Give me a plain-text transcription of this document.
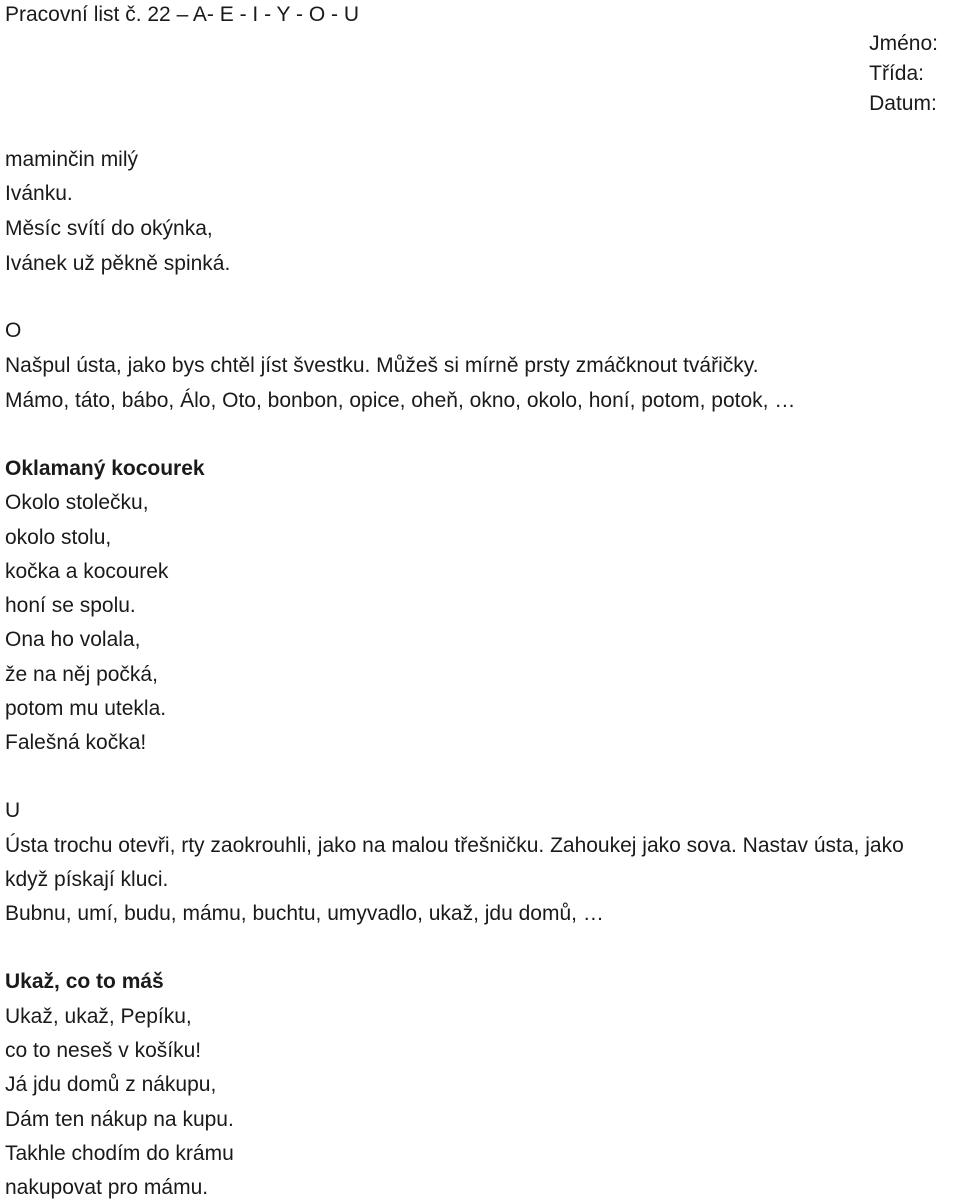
Pracovní list č. 22 – A- E - I - Y - O - U
Jméno:
Třída:
Datum:
maminčin milý
Ivánku.
Měsíc svítí do okýnka,
Ivánek už pěkně spinká.
O
Našpul ústa, jako bys chtěl jíst švestku. Můžeš si mírně prsty zmáčknout tvářičky.
Mámo, táto, bábo, Álo, Oto, bonbon, opice, oheň, okno, okolo, honí, potom, potok, …
Oklamaný kocourek
Okolo stolečku,
okolo stolu,
kočka a kocourek
honí se spolu.
Ona ho volala,
že na něj počká,
potom mu utekla.
Falešná kočka!
U
Ústa trochu otevři, rty zaokrouhli, jako na malou třešničku. Zahoukej jako sova. Nastav ústa, jako
když pískají kluci.
Bubnu, umí, budu, mámu, buchtu, umyvadlo, ukaž, jdu domů, …
Ukaž, co to máš
Ukaž, ukaž, Pepíku,
co to neseš v košíku!
Já jdu domů z nákupu,
Dám ten nákup na kupu.
Takhle chodím do krámu
nakupovat pro mámu.
